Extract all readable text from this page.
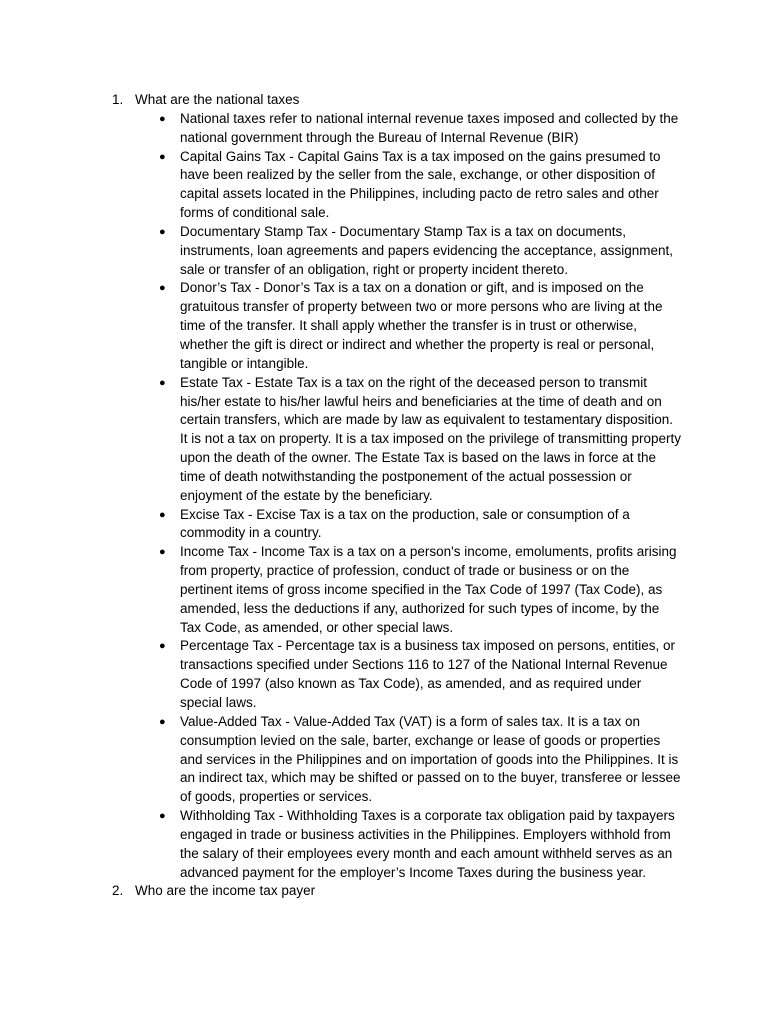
1. What are the national taxes
● National taxes refer to national internal revenue taxes imposed and collected by the national government through the Bureau of Internal Revenue (BIR)
● Capital Gains Tax - Capital Gains Tax is a tax imposed on the gains presumed to have been realized by the seller from the sale, exchange, or other disposition of capital assets located in the Philippines, including pacto de retro sales and other forms of conditional sale.
● Documentary Stamp Tax - Documentary Stamp Tax is a tax on documents, instruments, loan agreements and papers evidencing the acceptance, assignment, sale or transfer of an obligation, right or property incident thereto.
● Donor’s Tax - Donor’s Tax is a tax on a donation or gift, and is imposed on the gratuitous transfer of property between two or more persons who are living at the time of the transfer. It shall apply whether the transfer is in trust or otherwise, whether the gift is direct or indirect and whether the property is real or personal, tangible or intangible.
● Estate Tax - Estate Tax is a tax on the right of the deceased person to transmit his/her estate to his/her lawful heirs and beneficiaries at the time of death and on certain transfers, which are made by law as equivalent to testamentary disposition. It is not a tax on property. It is a tax imposed on the privilege of transmitting property upon the death of the owner. The Estate Tax is based on the laws in force at the time of death notwithstanding the postponement of the actual possession or enjoyment of the estate by the beneficiary.
● Excise Tax - Excise Tax is a tax on the production, sale or consumption of a commodity in a country.
● Income Tax - Income Tax is a tax on a person's income, emoluments, profits arising from property, practice of profession, conduct of trade or business or on the pertinent items of gross income specified in the Tax Code of 1997 (Tax Code), as amended, less the deductions if any, authorized for such types of income, by the Tax Code, as amended, or other special laws.
● Percentage Tax - Percentage tax is a business tax imposed on persons, entities, or transactions specified under Sections 116 to 127 of the National Internal Revenue Code of 1997 (also known as Tax Code), as amended, and as required under special laws.
● Value-Added Tax - Value-Added Tax (VAT) is a form of sales tax. It is a tax on consumption levied on the sale, barter, exchange or lease of goods or properties and services in the Philippines and on importation of goods into the Philippines. It is an indirect tax, which may be shifted or passed on to the buyer, transferee or lessee of goods, properties or services.
● Withholding Tax - Withholding Taxes is a corporate tax obligation paid by taxpayers engaged in trade or business activities in the Philippines. Employers withhold from the salary of their employees every month and each amount withheld serves as an advanced payment for the employer’s Income Taxes during the business year.
2. Who are the income tax payer
